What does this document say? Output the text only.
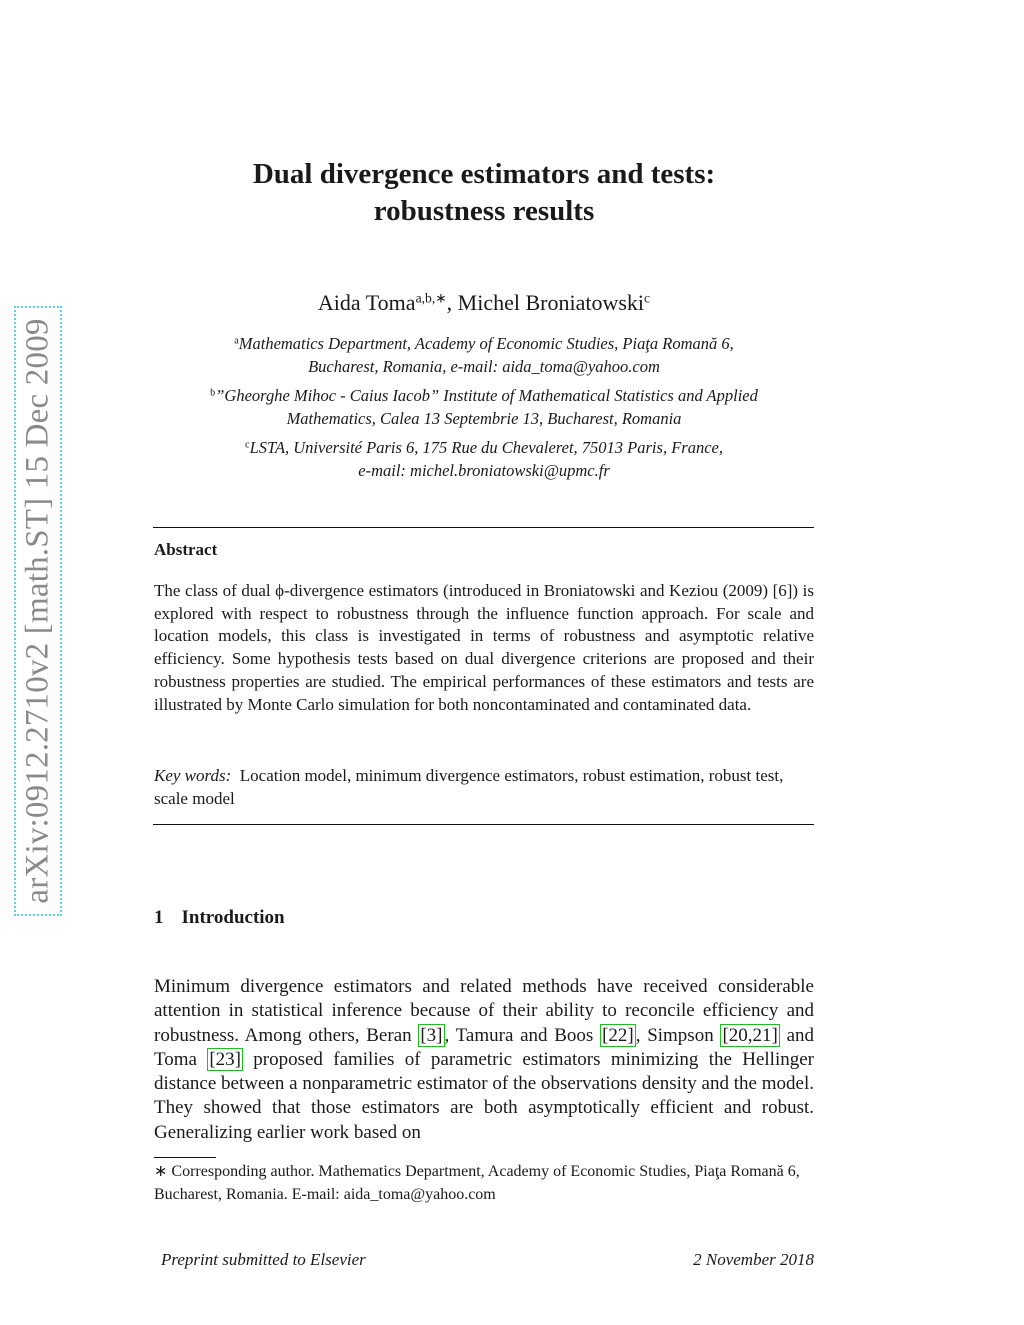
arXiv:0912.2710v2 [math.ST] 15 Dec 2009
Dual divergence estimators and tests:
robustness results
Aida Toma$^{a,b,∗}$, Michel Broniatowski$^c$
$^a$Mathematics Department, Academy of Economic Studies, Piaţa Romană 6,
Bucharest, Romania, e-mail: aida_toma@yahoo.com
$^b$”Gheorghe Mihoc - Caius Iacob” Institute of Mathematical Statistics and Applied
Mathematics, Calea 13 Septembrie 13, Bucharest, Romania
$^c$LSTA, Université Paris 6, 175 Rue du Chevaleret, 75013 Paris, France,
e-mail: michel.broniatowski@upmc.fr
Abstract
The class of dual ϕ-divergence estimators (introduced in Broniatowski and Keziou (2009) [6]) is explored with respect to robustness through the influence function approach. For scale and location models, this class is investigated in terms of robustness and asymptotic relative efficiency. Some hypothesis tests based on dual divergence criterions are proposed and their robustness properties are studied. The empirical performances of these estimators and tests are illustrated by Monte Carlo simulation for both noncontaminated and contaminated data.
Key words: Location model, minimum divergence estimators, robust estimation, robust test, scale model
1 Introduction
Minimum divergence estimators and related methods have received considerable attention in statistical inference because of their ability to reconcile efficiency and robustness. Among others, Beran [3] , Tamura and Boos [22] , Simpson [20,21] and Toma [23] proposed families of parametric estimators minimizing the Hellinger distance between a nonparametric estimator of the observations density and the model. They showed that those estimators are both asymptotically efficient and robust. Generalizing earlier work based on
∗ Corresponding author. Mathematics Department, Academy of Economic Studies, Piaţa Romană 6, Bucharest, Romania. E-mail: aida_toma@yahoo.com
Preprint submitted to Elsevier	2 November 2018
